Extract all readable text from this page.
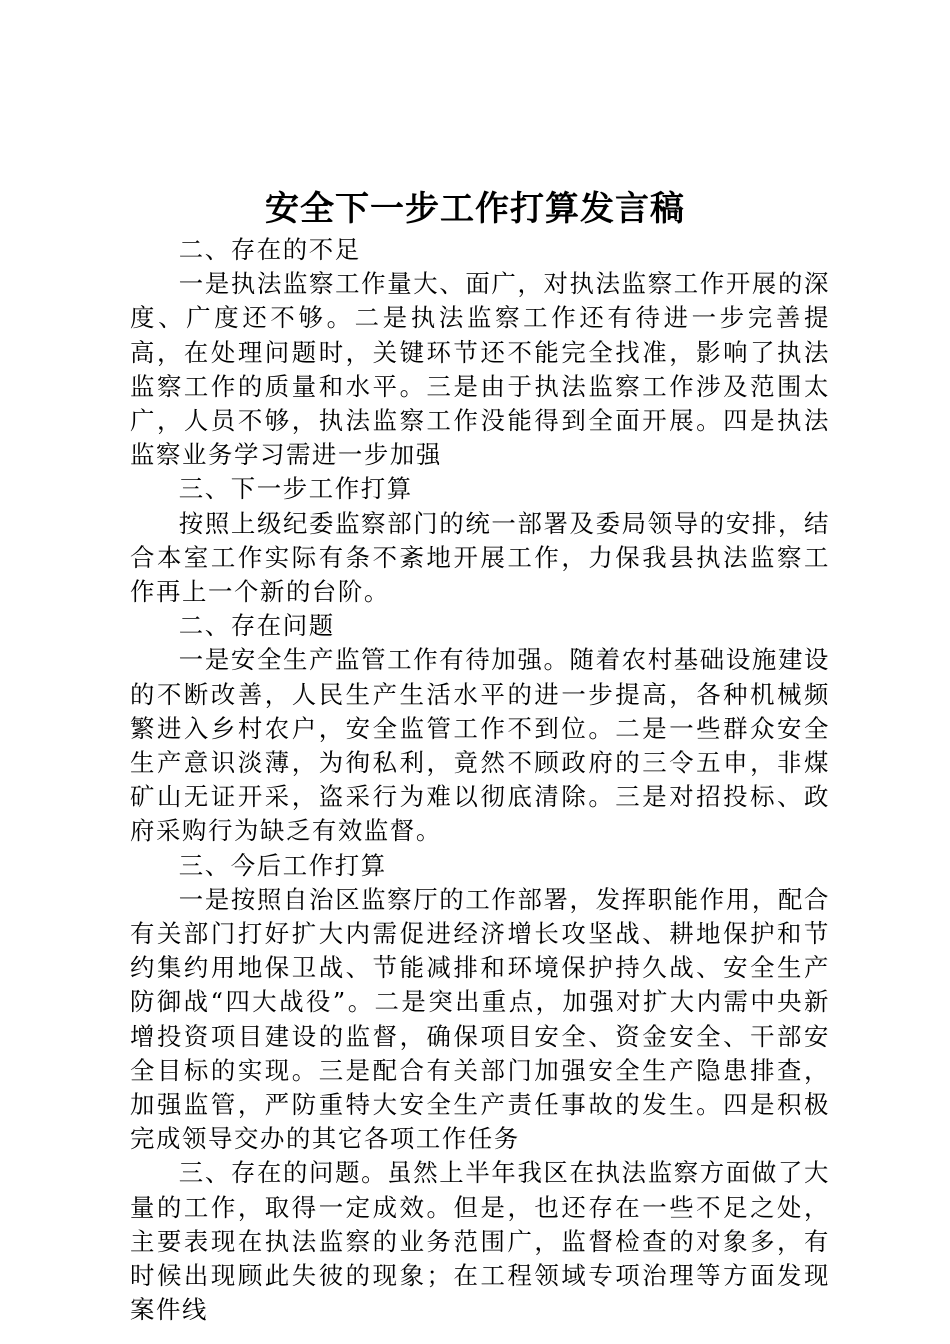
安全下一步工作打算发言稿

二、存在的不足

一是执法监察工作量大、面广，对执法监察工作开展的深度、广度还不够。二是执法监察工作还有待进一步完善提高，在处理问题时，关键环节还不能完全找准，影响了执法监察工作的质量和水平。三是由于执法监察工作涉及范围太广，人员不够，执法监察工作没能得到全面开展。四是执法监察业务学习需进一步加强

三、下一步工作打算

按照上级纪委监察部门的统一部署及委局领导的安排，结合本室工作实际有条不紊地开展工作，力保我县执法监察工作再上一个新的台阶。

二、存在问题

一是安全生产监管工作有待加强。随着农村基础设施建设的不断改善，人民生产生活水平的进一步提高，各种机械频繁进入乡村农户，安全监管工作不到位。二是一些群众安全生产意识淡薄，为徇私利，竟然不顾政府的三令五申，非煤矿山无证开采，盗采行为难以彻底清除。三是对招投标、政府采购行为缺乏有效监督。

三、今后工作打算

一是按照自治区监察厅的工作部署，发挥职能作用，配合有关部门打好扩大内需促进经济增长攻坚战、耕地保护和节约集约用地保卫战、节能减排和环境保护持久战、安全生产防御战“四大战役”。二是突出重点，加强对扩大内需中央新增投资项目建设的监督，确保项目安全、资金安全、干部安全目标的实现。三是配合有关部门加强安全生产隐患排查，加强监管，严防重特大安全生产责任事故的发生。四是积极完成领导交办的其它各项工作任务

三、存在的问题。虽然上半年我区在执法监察方面做了大量的工作，取得一定成效。但是，也还存在一些不足之处，主要表现在执法监察的业务范围广，监督检查的对象多，有时候出现顾此失彼的现象；在工程领域专项治理等方面发现案件线
